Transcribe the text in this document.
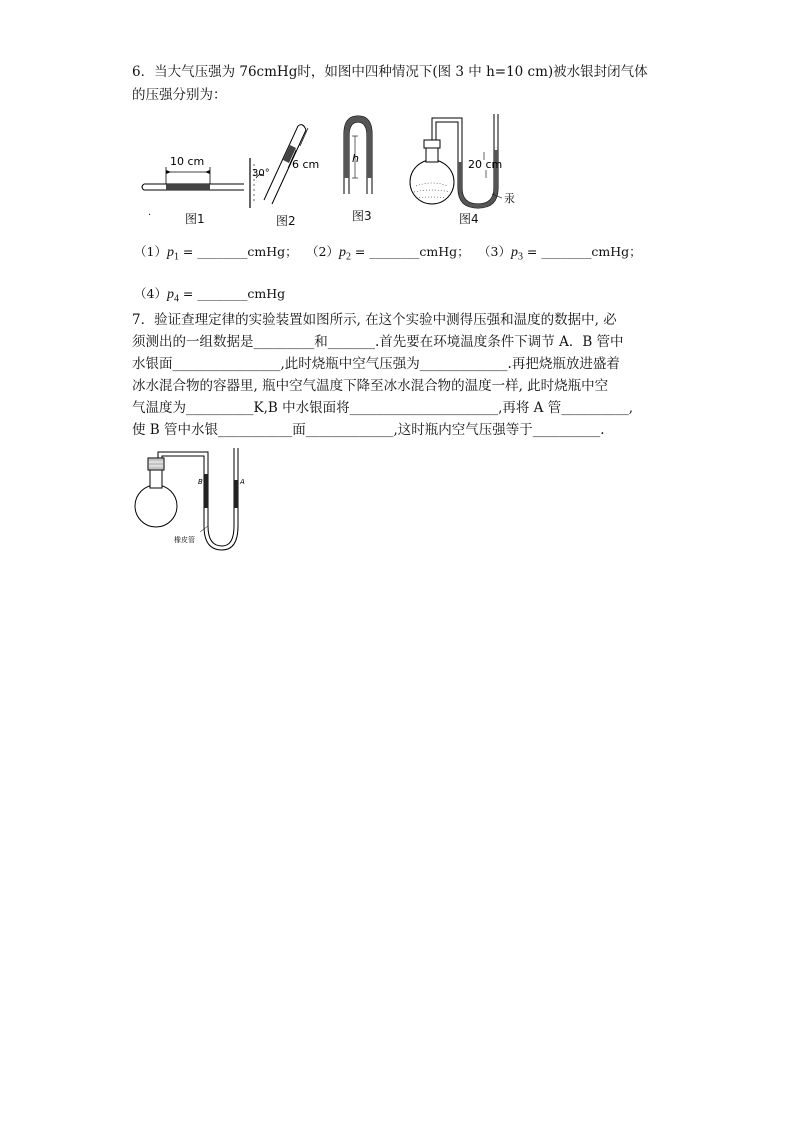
6．当大气压强为 76cmHg时，如图中四种情况下(图 3 中 h=10 cm)被水银封闭气体
的压强分别为：
10 cm
图1
·
30°
6 cm
图2
h
图3
20 cm
汞
图4
$(1)p_1$ = ________cmHg； $(2)p_2$ = ________cmHg； $(3)p_3$ = ________cmHg；
$(4)p_4$ = ________cmHg
7．验证查理定律的实验装置如图所示, 在这个实验中测得压强和温度的数据中, 必
须测出的一组数据是_________和_______.首先要在环境温度条件下调节 A．B 管中
水银面________________,此时烧瓶中空气压强为_____________.再把烧瓶放进盛着
冰水混合物的容器里, 瓶中空气温度下降至冰水混合物的温度一样, 此时烧瓶中空
气温度为__________K,B 中水银面将______________________,再将 A 管__________,
使 B 管中水银___________面_____________,这时瓶内空气压强等于__________.
B	A
橡皮管
